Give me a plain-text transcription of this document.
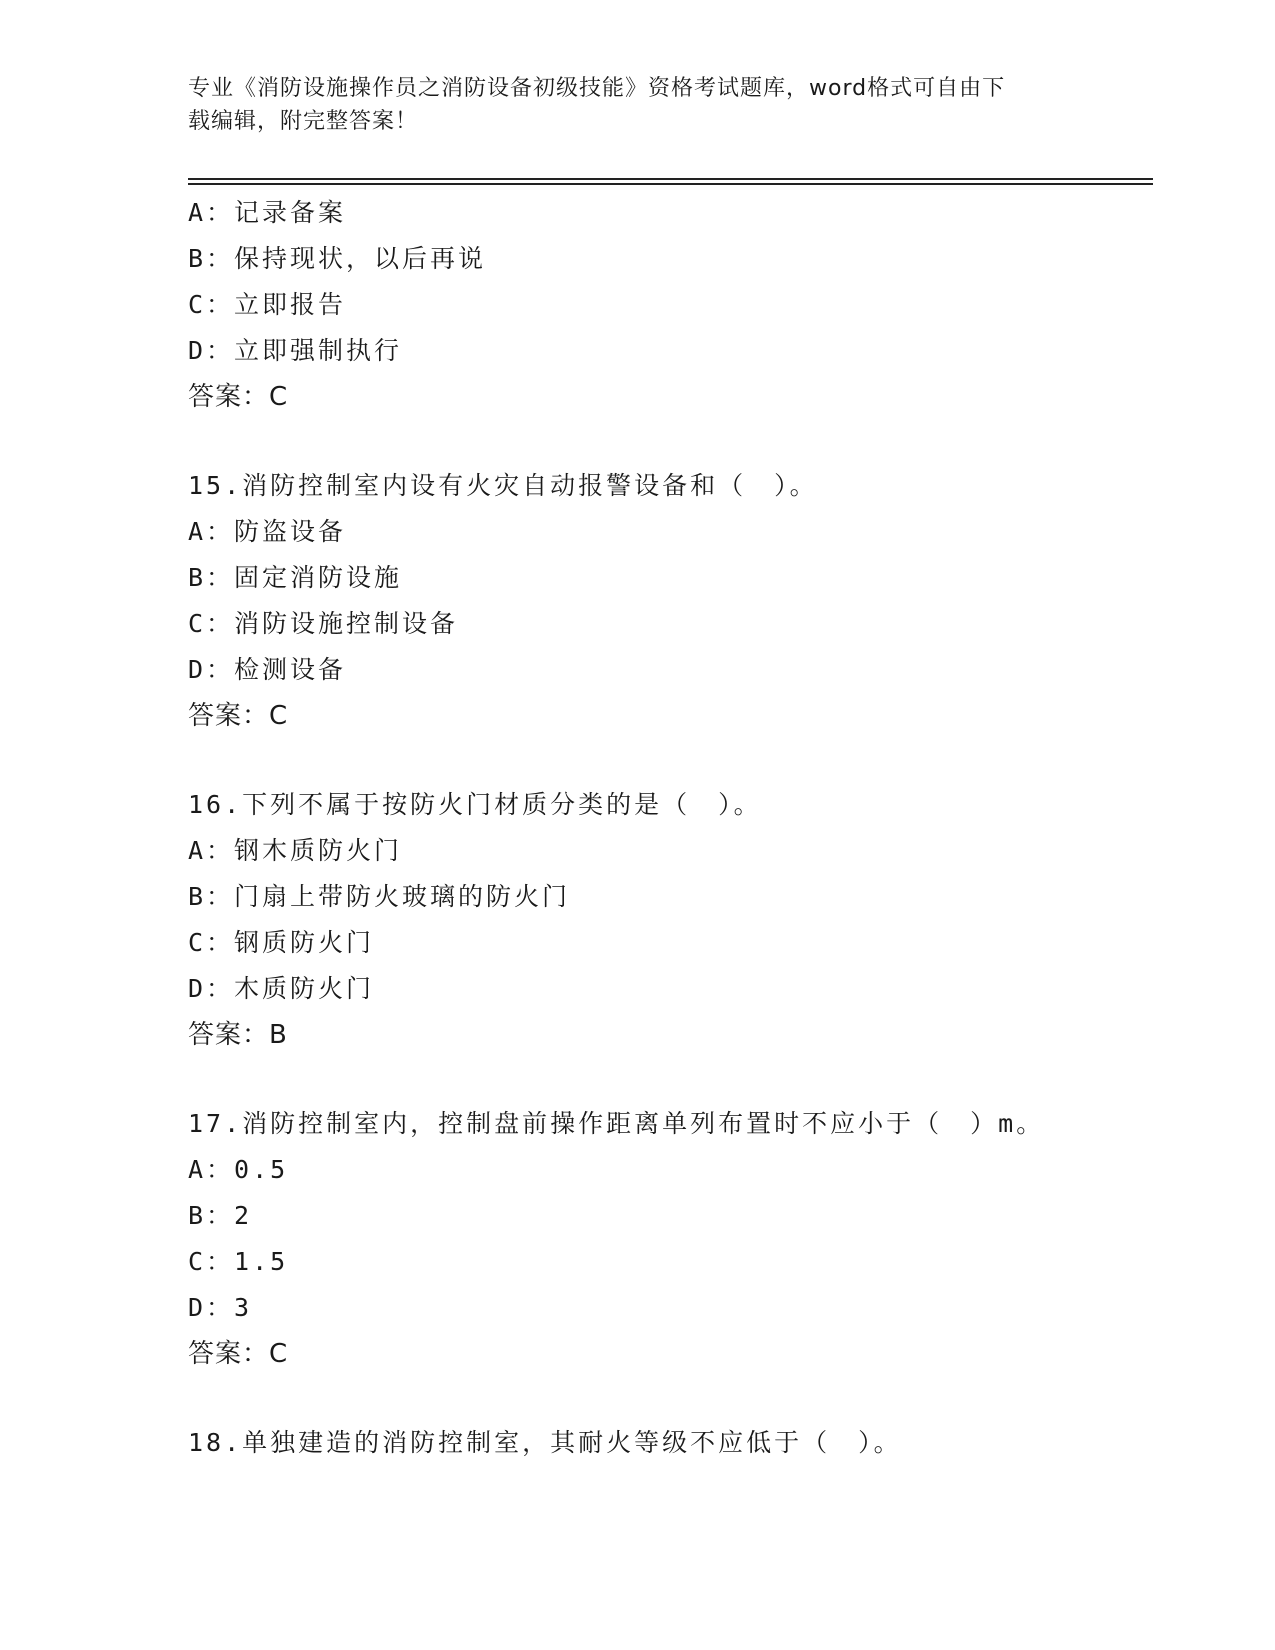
专业《消防设施操作员之消防设备初级技能》资格考试题库，word格式可自由下
载编辑，附完整答案！
A：记录备案
B：保持现状，以后再说
C：立即报告
D：立即强制执行
答案：C
15.消防控制室内设有火灾自动报警设备和（　）。
A：防盗设备
B：固定消防设施
C：消防设施控制设备
D：检测设备
答案：C
16.下列不属于按防火门材质分类的是（　）。
A：钢木质防火门
B：门扇上带防火玻璃的防火门
C：钢质防火门
D：木质防火门
答案：B
17.消防控制室内，控制盘前操作距离单列布置时不应小于（　）m。
A：0.5
B：2
C：1.5
D：3
答案：C
18.单独建造的消防控制室，其耐火等级不应低于（　）。
